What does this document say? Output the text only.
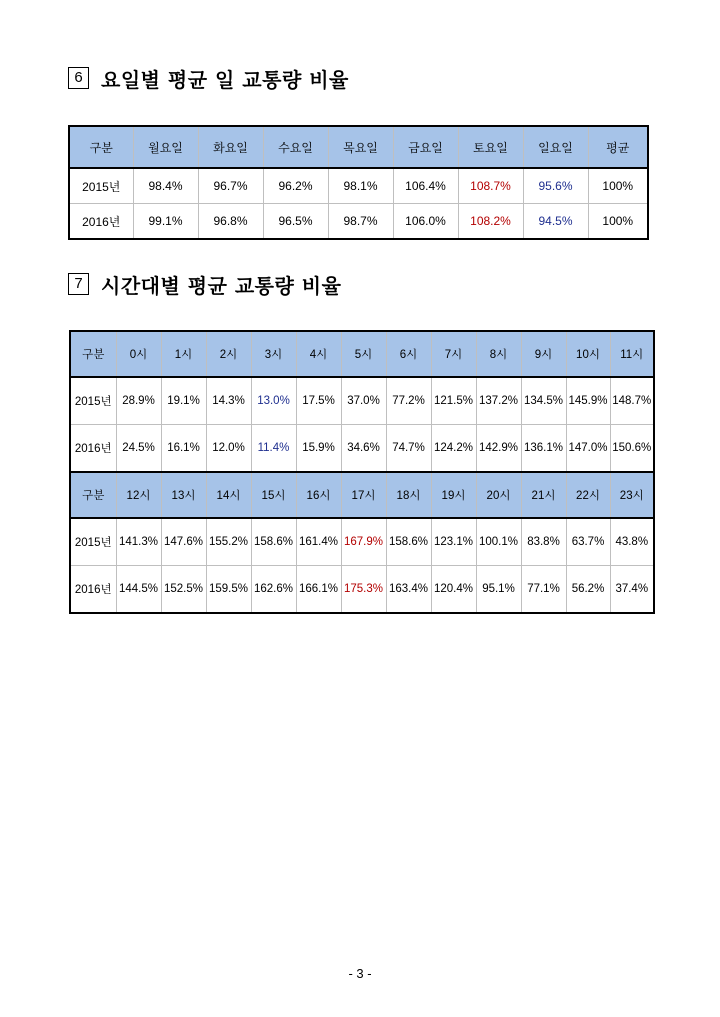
6 요일별 평균 일 교통량 비율
구분	월요일	화요일	수요일	목요일	금요일	토요일	일요일	평균
2015년	98.4%	96.7%	96.2%	98.1%	106.4%	108.7%	95.6%	100%
2016년	99.1%	96.8%	96.5%	98.7%	106.0%	108.2%	94.5%	100%
7 시간대별 평균 교통량 비율
구분	0시	1시	2시	3시	4시	5시	6시	7시	8시	9시	10시	11시
2015년	28.9%	19.1%	14.3%	13.0%	17.5%	37.0%	77.2%	121.5%	137.2%	134.5%	145.9%	148.7%
2016년	24.5%	16.1%	12.0%	11.4%	15.9%	34.6%	74.7%	124.2%	142.9%	136.1%	147.0%	150.6%
구분	12시	13시	14시	15시	16시	17시	18시	19시	20시	21시	22시	23시
2015년	141.3%	147.6%	155.2%	158.6%	161.4%	167.9%	158.6%	123.1%	100.1%	83.8%	63.7%	43.8%
2016년	144.5%	152.5%	159.5%	162.6%	166.1%	175.3%	163.4%	120.4%	95.1%	77.1%	56.2%	37.4%
- 3 -
